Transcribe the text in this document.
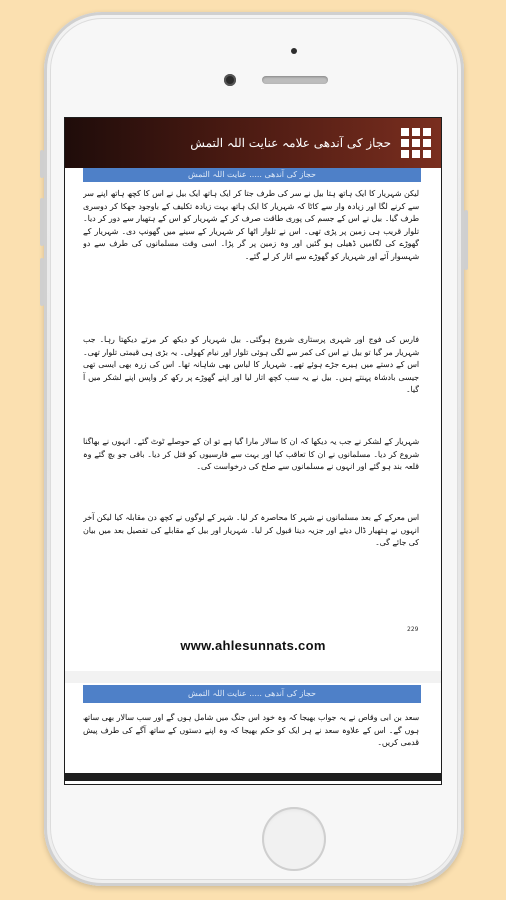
حجاز کی آندھی علامہ عنایت اللہ التمش
حجاز کی آندھی ..... عنایت اللہ التمش
لیکن شہریار کا ایک ہاتھ ہتا بیل نے سر کی طرف جتا کر ایک ہاتھ ایک بیل نے اس کا کچھ ہاتھ اپنے سر سے کرنے لگا اور زیادہ وار سے کاٹا کہ شہریار کا ایک ہاتھ بہت زیادہ تکلیف کے باوجود جھکا کر دوسری طرف گیا۔ بیل نے اس کے جسم کی پوری طاقت صرف کر کے شہریار کو اس کے ہتھیار سے دور کر دیا۔ تلوار قریب ہی زمین پر پڑی تھی۔ اس نے تلوار اٹھا کر شہریار کے سینے میں گھونپ دی۔ شہریار کے گھوڑے کی لگامیں ڈھیلی ہو گئیں اور وہ زمین پر گر پڑا۔ اسی وقت مسلمانوں کی طرف سے دو شہسوار آئے اور شہریار کو گھوڑے سے اتار کر لے گئے۔
فارس کی فوج اور شہری پرستاری شروع ہوگئی۔ بیل شہریار کو دیکھ کر مرتے دیکھتا رہا۔ جب شہریار مر گیا تو بیل نے اس کی کمر سے لگی ہوئی تلوار اور نیام کھولی۔ یہ بڑی ہی قیمتی تلوار تھی۔ اس کے دستے میں ہیرے جڑے ہوئے تھے۔ شہریار کا لباس بھی شاہانہ تھا۔ اس کی زرہ بھی ایسی تھی جیسی بادشاہ پہنتے ہیں۔ بیل نے یہ سب کچھ اتار لیا اور اپنے گھوڑے پر رکھ کر واپس اپنے لشکر میں آ گیا۔
شہریار کے لشکر نے جب یہ دیکھا کہ ان کا سالار مارا گیا ہے تو ان کے حوصلے ٹوٹ گئے۔ انہوں نے بھاگنا شروع کر دیا۔ مسلمانوں نے ان کا تعاقب کیا اور بہت سے فارسیوں کو قتل کر دیا۔ باقی جو بچ گئے وہ قلعہ بند ہو گئے اور انہوں نے مسلمانوں سے صلح کی درخواست کی۔
اس معرکے کے بعد مسلمانوں نے شہر کا محاصرہ کر لیا۔ شہر کے لوگوں نے کچھ دن مقابلہ کیا لیکن آخر انہوں نے ہتھیار ڈال دیئے اور جزیہ دینا قبول کر لیا۔ شہریار اور بیل کے مقابلے کی تفصیل بعد میں بیان کی جائے گی۔
229
www.ahlesunnats.com
حجاز کی آندھی ..... عنایت اللہ التمش
سعد بن ابی وقاص نے یہ جواب بھیجا کہ وہ خود اس جنگ میں شامل ہوں گے اور سب سالار بھی ساتھ ہوں گے۔ اس کے علاوہ سعد نے ہر ایک کو حکم بھیجا کہ وہ اپنے دستوں کے ساتھ آگے کی طرف پیش قدمی کریں۔
